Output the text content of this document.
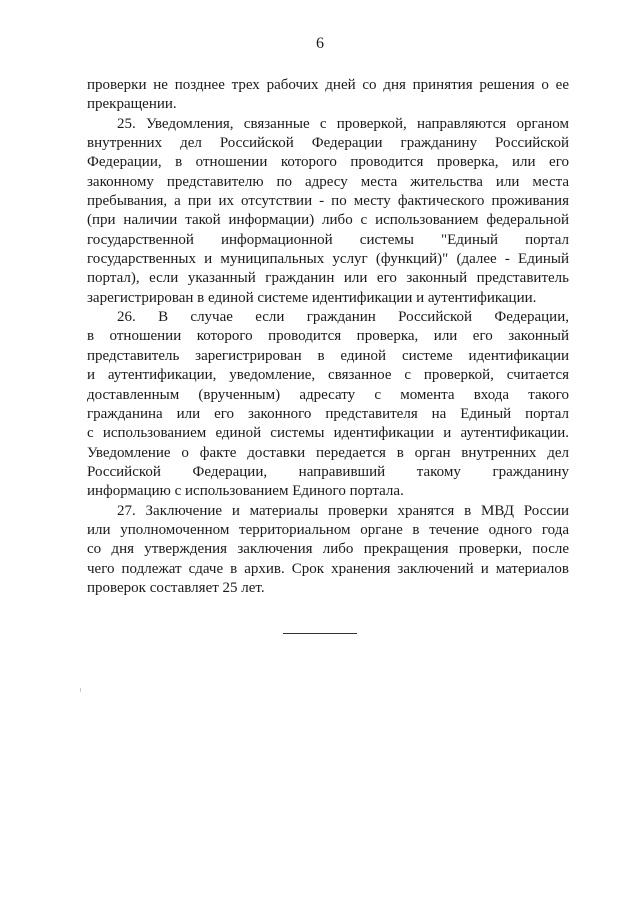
6
проверки не позднее трех рабочих дней со дня принятия решения о ее
прекращении.
25. Уведомления, связанные с проверкой, направляются органом
внутренних дел Российской Федерации гражданину Российской
Федерации, в отношении которого проводится проверка, или его
законному представителю по адресу места жительства или места
пребывания, а при их отсутствии - по месту фактического проживания
(при наличии такой информации) либо с использованием федеральной
государственной информационной системы "Единый портал
государственных и муниципальных услуг (функций)" (далее - Единый
портал), если указанный гражданин или его законный представитель
зарегистрирован в единой системе идентификации и аутентификации.
26. В случае если гражданин Российской Федерации,
в отношении которого проводится проверка, или его законный
представитель зарегистрирован в единой системе идентификации
и аутентификации, уведомление, связанное с проверкой, считается
доставленным (врученным) адресату с момента входа такого
гражданина или его законного представителя на Единый портал
с использованием единой системы идентификации и аутентификации.
Уведомление о факте доставки передается в орган внутренних дел
Российской Федерации, направивший такому гражданину
информацию с использованием Единого портала.
27. Заключение и материалы проверки хранятся в МВД России
или уполномоченном территориальном органе в течение одного года
со дня утверждения заключения либо прекращения проверки, после
чего подлежат сдаче в архив. Срок хранения заключений и материалов
проверок составляет 25 лет.
